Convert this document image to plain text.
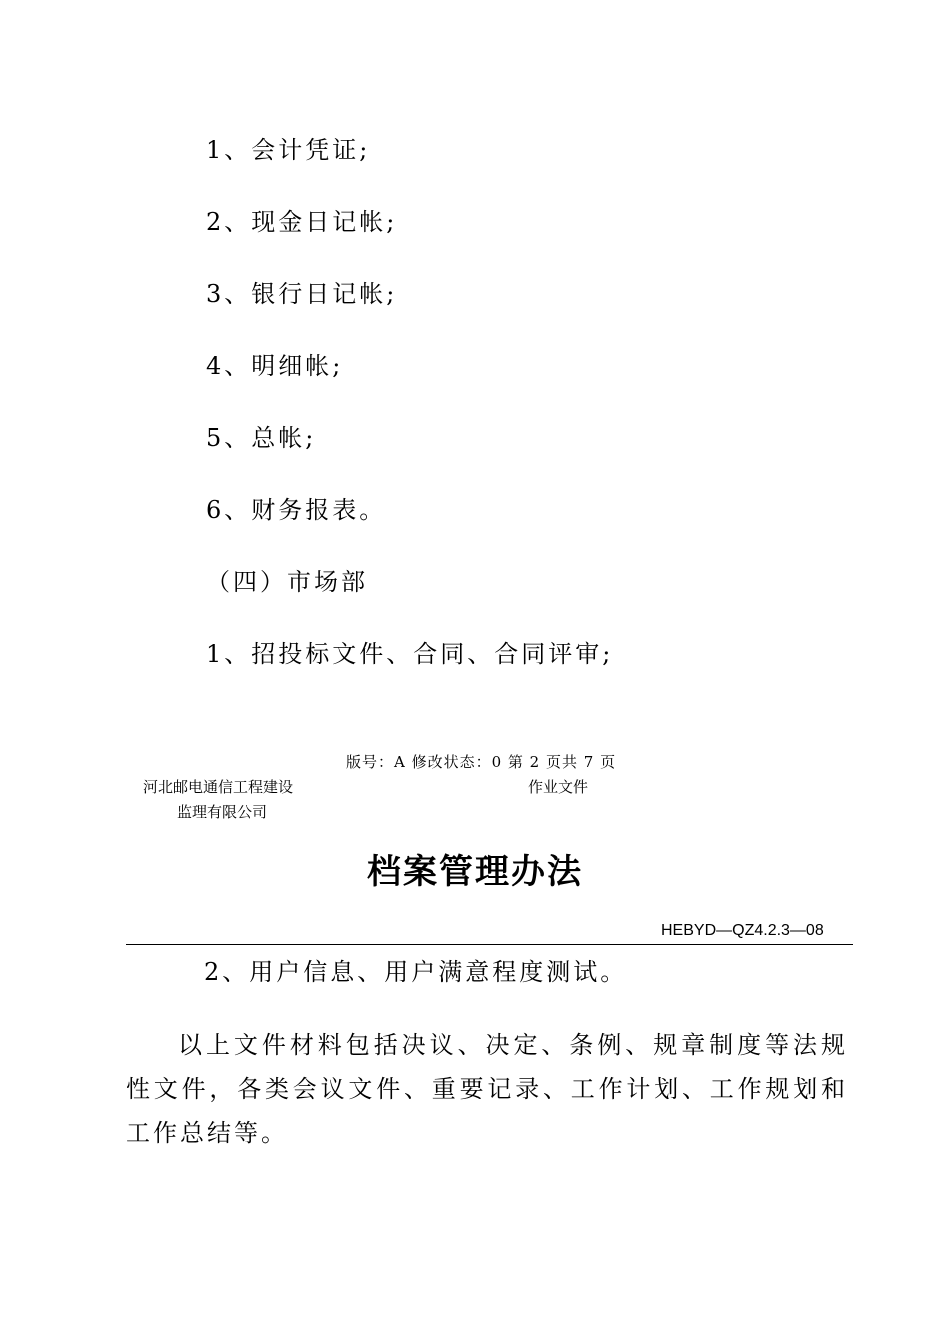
1、会计凭证;
2、现金日记帐;
3、银行日记帐;
4、明细帐;
5、总帐;
6、财务报表。
（四）市场部
1、招投标文件、合同、合同评审;
版号：A 修改状态：0 第 2 页共 7 页
河北邮电通信工程建设	作业文件
监理有限公司
档案管理办法
HEBYD—QZ4.2.3—08
2、用户信息、用户满意程度测试。
以上文件材料包括决议、决定、条例、规章制度等法规性文件，各类会议文件、重要记录、工作计划、工作规划和工作总结等。
